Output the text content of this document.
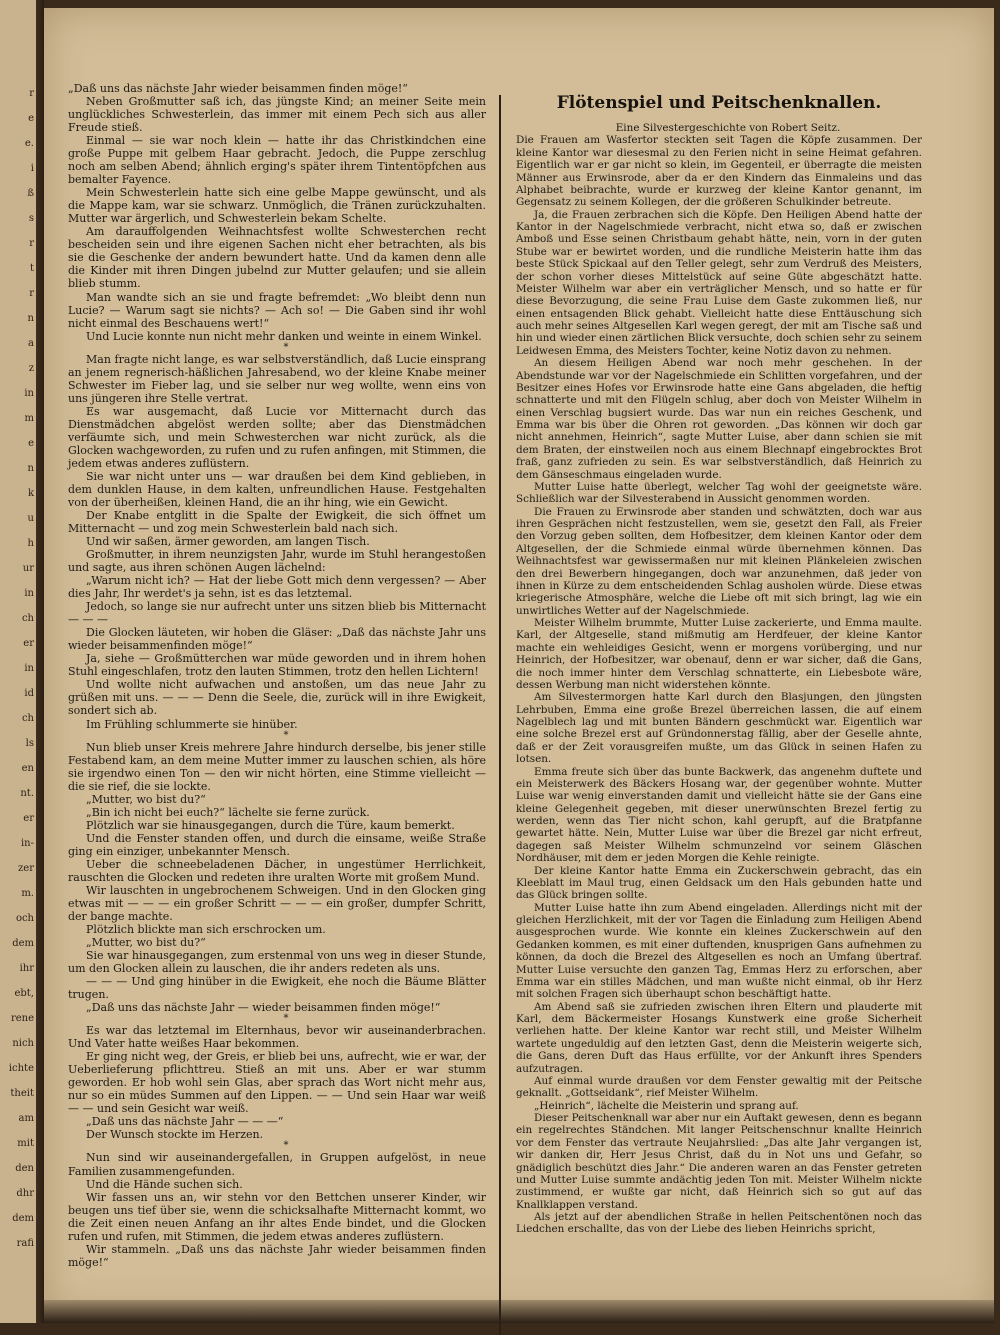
r
e
e.
i
ß
s
r
t
r
n
a
z
in
m
e
n
k
u
h
ur
in
ch
er
in
id
ch
ls
en
nt.
er
in-
zer
m.
och
dem
ihr
ebt,
rene
nich
ichte
theit
am
mit
den
dhr
dem
rafi

„Daß uns das nächste Jahr wieder beisammen finden möge!“

Neben Großmutter saß ich, das jüngste Kind; an meiner Seite mein unglückliches Schwesterlein, das immer mit einem Pech sich aus aller Freude stieß.

Einmal — sie war noch klein — hatte ihr das Christkindchen eine große Puppe mit gelbem Haar gebracht. Jedoch, die Puppe zerschlug noch am selben Abend; ähnlich erging's später ihrem Tintentöpfchen aus bemalter Fayence.

Mein Schwesterlein hatte sich eine gelbe Mappe gewünscht, und als die Mappe kam, war sie schwarz. Unmöglich, die Tränen zurückzuhalten. Mutter war ärgerlich, und Schwesterlein bekam Schelte.

Am darauffolgenden Weihnachtsfest wollte Schwesterchen recht bescheiden sein und ihre eigenen Sachen nicht eher betrachten, als bis sie die Geschenke der andern bewundert hatte. Und da kamen denn alle die Kinder mit ihren Dingen jubelnd zur Mutter gelaufen; und sie allein blieb stumm.

Man wandte sich an sie und fragte befremdet: „Wo bleibt denn nun Lucie? — Warum sagt sie nichts? — Ach so! — Die Gaben sind ihr wohl nicht einmal des Beschauens wert!“

Und Lucie konnte nun nicht mehr danken und weinte in einem Winkel.

*

Man fragte nicht lange, es war selbstverständlich, daß Lucie einsprang an jenem regnerisch-häßlichen Jahresabend, wo der kleine Knabe meiner Schwester im Fieber lag, und sie selber nur weg wollte, wenn eins von uns jüngeren ihre Stelle vertrat.

Es war ausgemacht, daß Lucie vor Mitternacht durch das Dienstmädchen abgelöst werden sollte; aber das Dienstmädchen verfäumte sich, und mein Schwesterchen war nicht zurück, als die Glocken wachgeworden, zu rufen und zu rufen anfingen, mit Stimmen, die jedem etwas anderes zuflüstern.

Sie war nicht unter uns — war draußen bei dem Kind geblieben, in dem dunklen Hause, in dem kalten, unfreundlichen Hause. Festgehalten von der überheißen, kleinen Hand, die an ihr hing, wie ein Gewicht.

Der Knabe entglitt in die Spalte der Ewigkeit, die sich öffnet um Mitternacht — und zog mein Schwesterlein bald nach sich.

Und wir saßen, ärmer geworden, am langen Tisch.

Großmutter, in ihrem neunzigsten Jahr, wurde im Stuhl herangestoßen und sagte, aus ihren schönen Augen lächelnd:

„Warum nicht ich? — Hat der liebe Gott mich denn vergessen? — Aber dies Jahr, Ihr werdet's ja sehn, ist es das letztemal.

Jedoch, so lange sie nur aufrecht unter uns sitzen blieb bis Mitternacht — — —

Die Glocken läuteten, wir hoben die Gläser: „Daß das nächste Jahr uns wieder beisammenfinden möge!“

Ja, siehe — Großmütterchen war müde geworden und in ihrem hohen Stuhl eingeschlafen, trotz den lauten Stimmen, trotz den hellen Lichtern!

Und wollte nicht aufwachen und anstoßen, um das neue Jahr zu grüßen mit uns. — — — Denn die Seele, die, zurück will in ihre Ewigkeit, sondert sich ab.

Im Frühling schlummerte sie hinüber.

*

Nun blieb unser Kreis mehrere Jahre hindurch derselbe, bis jener stille Festabend kam, an dem meine Mutter immer zu lauschen schien, als höre sie irgendwo einen Ton — den wir nicht hörten, eine Stimme vielleicht — die sie rief, die sie lockte.

„Mutter, wo bist du?“

„Bin ich nicht bei euch?“ lächelte sie ferne zurück.

Plötzlich war sie hinausgegangen, durch die Türe, kaum bemerkt.

Und die Fenster standen offen, und durch die einsame, weiße Straße ging ein einziger, unbekannter Mensch.

Ueber die schneebeladenen Dächer, in ungestümer Herrlichkeit, rauschten die Glocken und redeten ihre uralten Worte mit großem Mund.

Wir lauschten in ungebrochenem Schweigen. Und in den Glocken ging etwas mit — — — ein großer Schritt — — — ein großer, dumpfer Schritt, der bange machte.

Plötzlich blickte man sich erschrocken um.

„Mutter, wo bist du?“

Sie war hinausgegangen, zum erstenmal von uns weg in dieser Stunde, um den Glocken allein zu lauschen, die ihr anders redeten als uns.

— — — Und ging hinüber in die Ewigkeit, ehe noch die Bäume Blätter trugen.

„Daß uns das nächste Jahr — wieder beisammen finden möge!“

*

Es war das letztemal im Elternhaus, bevor wir auseinanderbrachen. Und Vater hatte weißes Haar bekommen.

Er ging nicht weg, der Greis, er blieb bei uns, aufrecht, wie er war, der Ueberlieferung pflichttreu. Stieß an mit uns. Aber er war stumm geworden. Er hob wohl sein Glas, aber sprach das Wort nicht mehr aus, nur so ein müdes Summen auf den Lippen. — — Und sein Haar war weiß — — und sein Gesicht war weiß.

„Daß uns das nächste Jahr — — —“

Der Wunsch stockte im Herzen.

*

Nun sind wir auseinandergefallen, in Gruppen aufgelöst, in neue Familien zusammengefunden.

Und die Hände suchen sich.

Wir fassen uns an, wir stehn vor den Bettchen unserer Kinder, wir beugen uns tief über sie, wenn die schicksalhafte Mitternacht kommt, wo die Zeit einen neuen Anfang an ihr altes Ende bindet, und die Glocken rufen und rufen, mit Stimmen, die jedem etwas anderes zuflüstern.

Wir stammeln. „Daß uns das nächste Jahr wieder beisammen finden möge!“

Flötenspiel und Peitschenknallen.

Eine Silvestergeschichte von Robert Seitz.

Die Frauen am Wasfertor steckten seit Tagen die Köpfe zusammen. Der kleine Kantor war diesesmal zu den Ferien nicht in seine Heimat gefahren. Eigentlich war er gar nicht so klein, im Gegenteil, er überragte die meisten Männer aus Erwinsrode, aber da er den Kindern das Einmaleins und das Alphabet beibrachte, wurde er kurzweg der kleine Kantor genannt, im Gegensatz zu seinem Kollegen, der die größeren Schulkinder betreute.

Ja, die Frauen zerbrachen sich die Köpfe. Den Heiligen Abend hatte der Kantor in der Nagelschmiede verbracht, nicht etwa so, daß er zwischen Amboß und Esse seinen Christbaum gehabt hätte, nein, vorn in der guten Stube war er bewirtet worden, und die rundliche Meisterin hatte ihm das beste Stück Spickaal auf den Teller gelegt, sehr zum Verdruß des Meisters, der schon vorher dieses Mittelstück auf seine Güte abgeschätzt hatte. Meister Wilhelm war aber ein verträglicher Mensch, und so hatte er für diese Bevorzugung, die seine Frau Luise dem Gaste zukommen ließ, nur einen entsagenden Blick gehabt. Vielleicht hatte diese Enttäuschung sich auch mehr seines Altgesellen Karl wegen geregt, der mit am Tische saß und hin und wieder einen zärtlichen Blick versuchte, doch schien sehr zu seinem Leidwesen Emma, des Meisters Tochter, keine Notiz davon zu nehmen.

An diesem Heiligen Abend war noch mehr geschehen. In der Abendstunde war vor der Nagelschmiede ein Schlitten vorgefahren, und der Besitzer eines Hofes vor Erwinsrode hatte eine Gans abgeladen, die heftig schnatterte und mit den Flügeln schlug, aber doch von Meister Wilhelm in einen Verschlag bugsiert wurde. Das war nun ein reiches Geschenk, und Emma war bis über die Ohren rot geworden. „Das können wir doch gar nicht annehmen, Heinrich“, sagte Mutter Luise, aber dann schien sie mit dem Braten, der einstweilen noch aus einem Blechnapf eingebrocktes Brot fraß, ganz zufrieden zu sein. Es war selbstverständlich, daß Heinrich zu dem Gänseschmaus eingeladen wurde.

Mutter Luise hatte überlegt, welcher Tag wohl der geeignetste wäre. Schließlich war der Silvesterabend in Aussicht genommen worden.

Die Frauen zu Erwinsrode aber standen und schwätzten, doch war aus ihren Gesprächen nicht festzustellen, wem sie, gesetzt den Fall, als Freier den Vorzug geben sollten, dem Hofbesitzer, dem kleinen Kantor oder dem Altgesellen, der die Schmiede einmal würde übernehmen können. Das Weihnachtsfest war gewissermaßen nur mit kleinen Plänkeleien zwischen den drei Bewerbern hingegangen, doch war anzunehmen, daß jeder von ihnen in Kürze zu dem entscheidenden Schlag ausholen würde. Diese etwas kriegerische Atmosphäre, welche die Liebe oft mit sich bringt, lag wie ein unwirtliches Wetter auf der Nagelschmiede.

Meister Wilhelm brummte, Mutter Luise zackerierte, und Emma maulte. Karl, der Altgeselle, stand mißmutig am Herdfeuer, der kleine Kantor machte ein wehleidiges Gesicht, wenn er morgens vorüberging, und nur Heinrich, der Hofbesitzer, war obenauf, denn er war sicher, daß die Gans, die noch immer hinter dem Verschlag schnatterte, ein Liebesbote wäre, dessen Werbung man nicht widerstehen könnte.

Am Silvestermorgen hatte Karl durch den Blasjungen, den jüngsten Lehrbuben, Emma eine große Brezel überreichen lassen, die auf einem Nagelblech lag und mit bunten Bändern geschmückt war. Eigentlich war eine solche Brezel erst auf Gründonnerstag fällig, aber der Geselle ahnte, daß er der Zeit vorausgreifen mußte, um das Glück in seinen Hafen zu lotsen.

Emma freute sich über das bunte Backwerk, das angenehm duftete und ein Meisterwerk des Bäckers Hosang war, der gegenüber wohnte. Mutter Luise war wenig einverstanden damit und vielleicht hätte sie der Gans eine kleine Gelegenheit gegeben, mit dieser unerwünschten Brezel fertig zu werden, wenn das Tier nicht schon, kahl gerupft, auf die Bratpfanne gewartet hätte. Nein, Mutter Luise war über die Brezel gar nicht erfreut, dagegen saß Meister Wilhelm schmunzelnd vor seinem Gläschen Nordhäuser, mit dem er jeden Morgen die Kehle reinigte.

Der kleine Kantor hatte Emma ein Zuckerschwein gebracht, das ein Kleeblatt im Maul trug, einen Geldsack um den Hals gebunden hatte und das Glück bringen sollte.

Mutter Luise hatte ihn zum Abend eingeladen. Allerdings nicht mit der gleichen Herzlichkeit, mit der vor Tagen die Einladung zum Heiligen Abend ausgesprochen wurde. Wie konnte ein kleines Zuckerschwein auf den Gedanken kommen, es mit einer duftenden, knusprigen Gans aufnehmen zu können, da doch die Brezel des Altgesellen es noch an Umfang übertraf. Mutter Luise versuchte den ganzen Tag, Emmas Herz zu erforschen, aber Emma war ein stilles Mädchen, und man wußte nicht einmal, ob ihr Herz mit solchen Fragen sich überhaupt schon beschäftigt hatte.

Am Abend saß sie zufrieden zwischen ihren Eltern und plauderte mit Karl, dem Bäckermeister Hosangs Kunstwerk eine große Sicherheit verliehen hatte. Der kleine Kantor war recht still, und Meister Wilhelm wartete ungeduldig auf den letzten Gast, denn die Meisterin weigerte sich, die Gans, deren Duft das Haus erfüllte, vor der Ankunft ihres Spenders aufzutragen.

Auf einmal wurde draußen vor dem Fenster gewaltig mit der Peitsche geknallt. „Gottseidank“, rief Meister Wilhelm.

„Heinrich“, lächelte die Meisterin und sprang auf.

Dieser Peitschenknall war aber nur ein Auftakt gewesen, denn es begann ein regelrechtes Ständchen. Mit langer Peitschenschnur knallte Heinrich vor dem Fenster das vertraute Neujahrslied: „Das alte Jahr vergangen ist, wir danken dir, Herr Jesus Christ, daß du in Not uns und Gefahr, so gnädiglich beschützt dies Jahr.“ Die anderen waren an das Fenster getreten und Mutter Luise summte andächtig jeden Ton mit. Meister Wilhelm nickte zustimmend, er wußte gar nicht, daß Heinrich sich so gut auf das Knallklappen verstand.

Als jetzt auf der abendlichen Straße in hellen Peitschentönen noch das Liedchen erschallte, das von der Liebe des lieben Heinrichs spricht,
